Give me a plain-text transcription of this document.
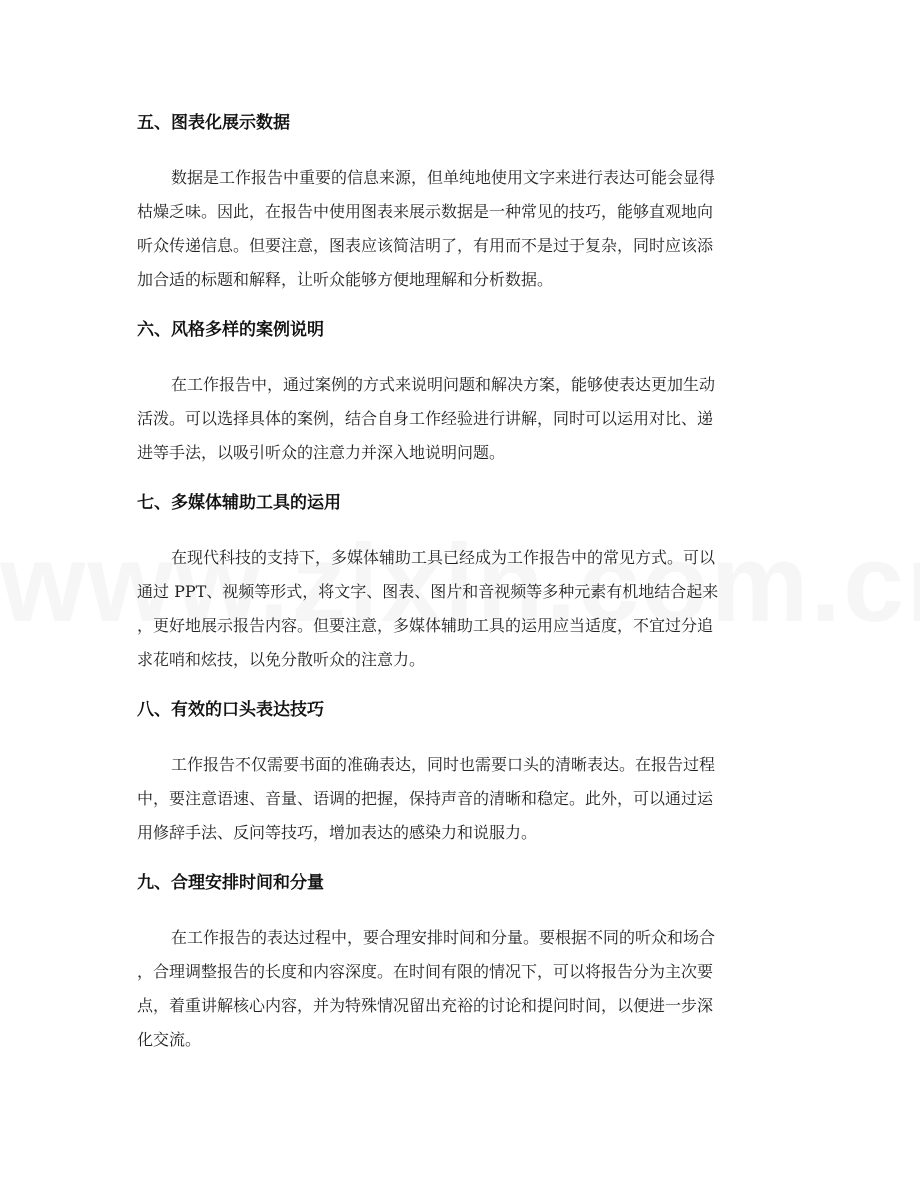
五、图表化展示数据

数据是工作报告中重要的信息来源，但单纯地使用文字来进行表达可能会显得
枯燥乏味。因此，在报告中使用图表来展示数据是一种常见的技巧，能够直观地向
听众传递信息。但要注意，图表应该简洁明了，有用而不是过于复杂，同时应该添
加合适的标题和解释，让听众能够方便地理解和分析数据。

六、风格多样的案例说明

在工作报告中，通过案例的方式来说明问题和解决方案，能够使表达更加生动
活泼。可以选择具体的案例，结合自身工作经验进行讲解，同时可以运用对比、递
进等手法，以吸引听众的注意力并深入地说明问题。

七、多媒体辅助工具的运用

在现代科技的支持下，多媒体辅助工具已经成为工作报告中的常见方式。可以
通过 PPT、视频等形式，将文字、图表、图片和音视频等多种元素有机地结合起来
，更好地展示报告内容。但要注意，多媒体辅助工具的运用应当适度，不宜过分追
求花哨和炫技，以免分散听众的注意力。

八、有效的口头表达技巧

工作报告不仅需要书面的准确表达，同时也需要口头的清晰表达。在报告过程
中，要注意语速、音量、语调的把握，保持声音的清晰和稳定。此外，可以通过运
用修辞手法、反问等技巧，增加表达的感染力和说服力。

九、合理安排时间和分量

在工作报告的表达过程中，要合理安排时间和分量。要根据不同的听众和场合
，合理调整报告的长度和内容深度。在时间有限的情况下，可以将报告分为主次要
点，着重讲解核心内容，并为特殊情况留出充裕的讨论和提问时间，以便进一步深
化交流。
